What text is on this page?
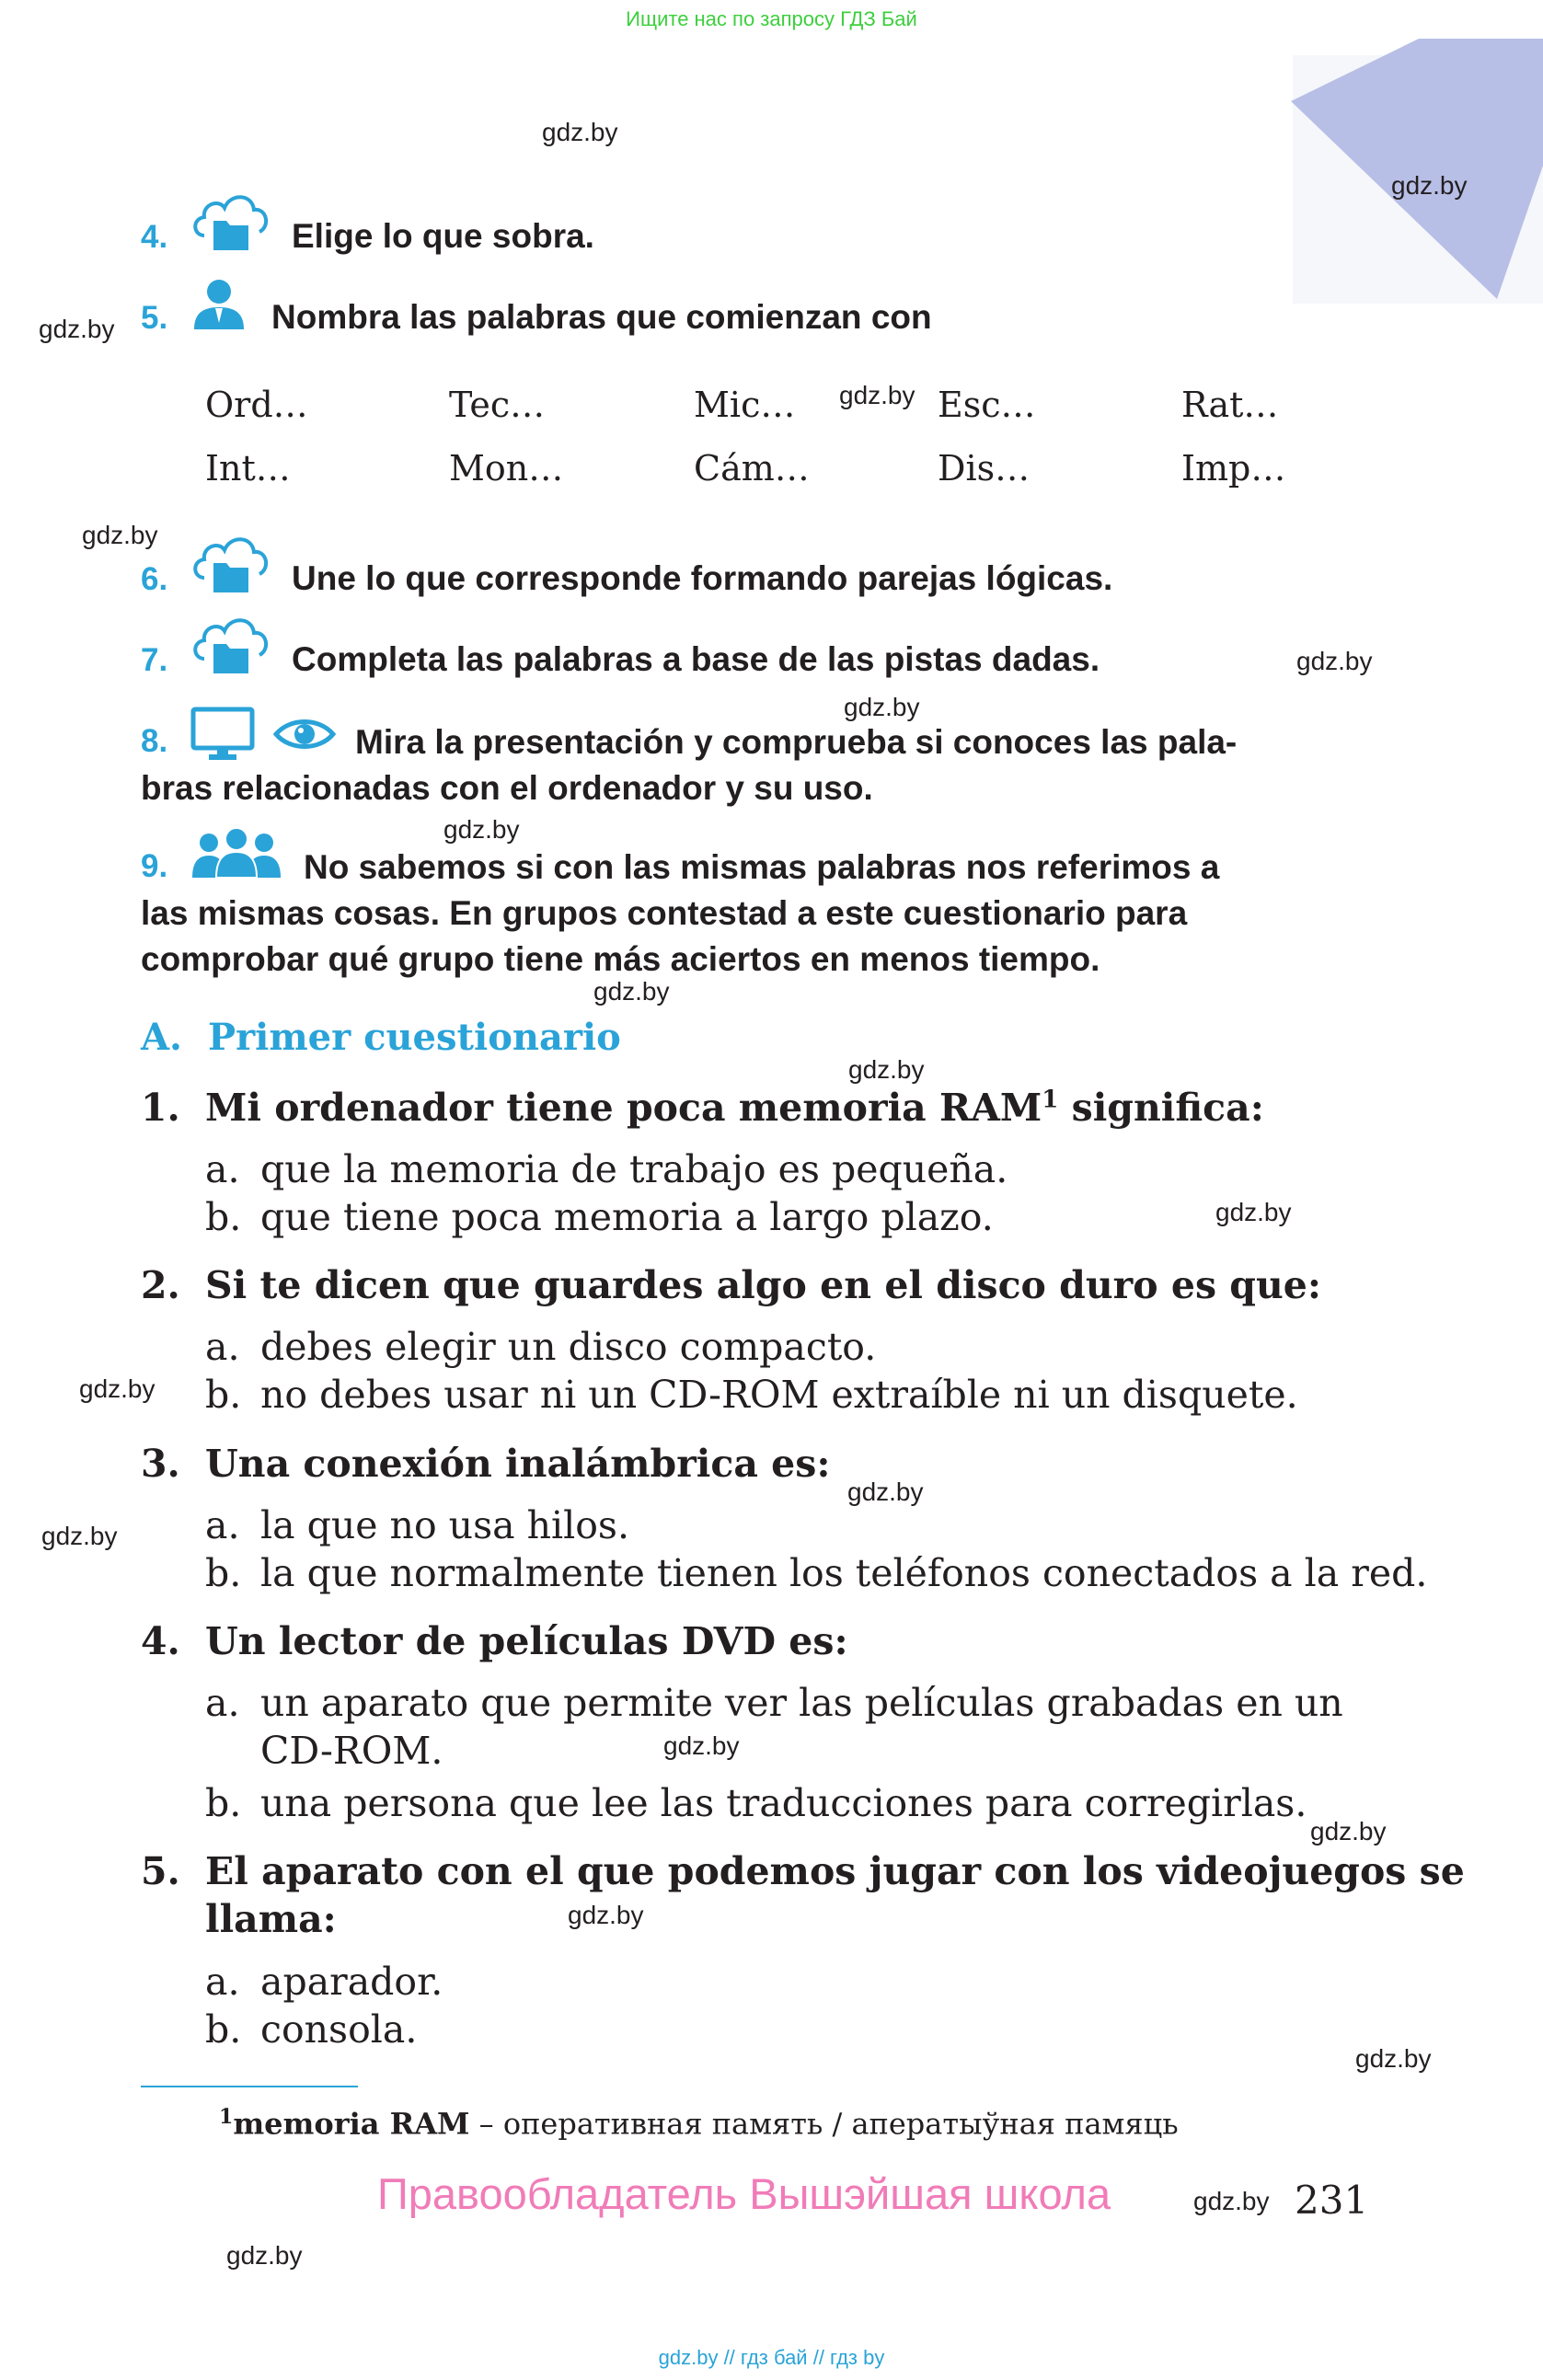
Ищите нас по запросу ГДЗ Бай
gdz.by
gdz.by
gdz.by
gdz.by
gdz.by
gdz.by
gdz.by
gdz.by
gdz.by
gdz.by
gdz.by
gdz.by
gdz.by
gdz.by
gdz.by
gdz.by
gdz.by
gdz.by
gdz.by
gdz.by
4.	Elige lo que sobra.
5.	Nombra las palabras que comienzan con
Ord…	Tec…	Mic…	Esc…	Rat…
Int…	Mon…	Cám…	Dis…	Imp…
6.	Une lo que corresponde formando parejas lógicas.
7.	Completa las palabras a base de las pistas dadas.
8.	Mira la presentación y comprueba si conoces las pala-
bras relacionadas con el ordenador y su uso.
9.	No sabemos si con las mismas palabras nos referimos a
las mismas cosas. En grupos contestad a este cuestionario para
comprobar qué grupo tiene más aciertos en menos tiempo.
A. Primer cuestionario
1. Mi ordenador tiene poca memoria RAM$^1$ significa:
a. que la memoria de trabajo es pequeña.
b. que tiene poca memoria a largo plazo.
2. Si te dicen que guardes algo en el disco duro es que:
a. debes elegir un disco compacto.
b. no debes usar ni un CD-ROM extraíble ni un disquete.
3. Una conexión inalámbrica es:
a. la que no usa hilos.
b. la que normalmente tienen los teléfonos conectados a la red.
4. Un lector de películas DVD es:
a. un aparato que permite ver las películas grabadas en un
CD-ROM.
b. una persona que lee las traducciones para corregirlas.
5. El aparato con el que podemos jugar con los videojuegos se
llama:
a. aparador.
b. consola.
$^1$memoria RAM – оперативная память / аператыўная памяць
Правообладатель Вышэйшая школа	231
gdz.by // гдз бай // гдз by
